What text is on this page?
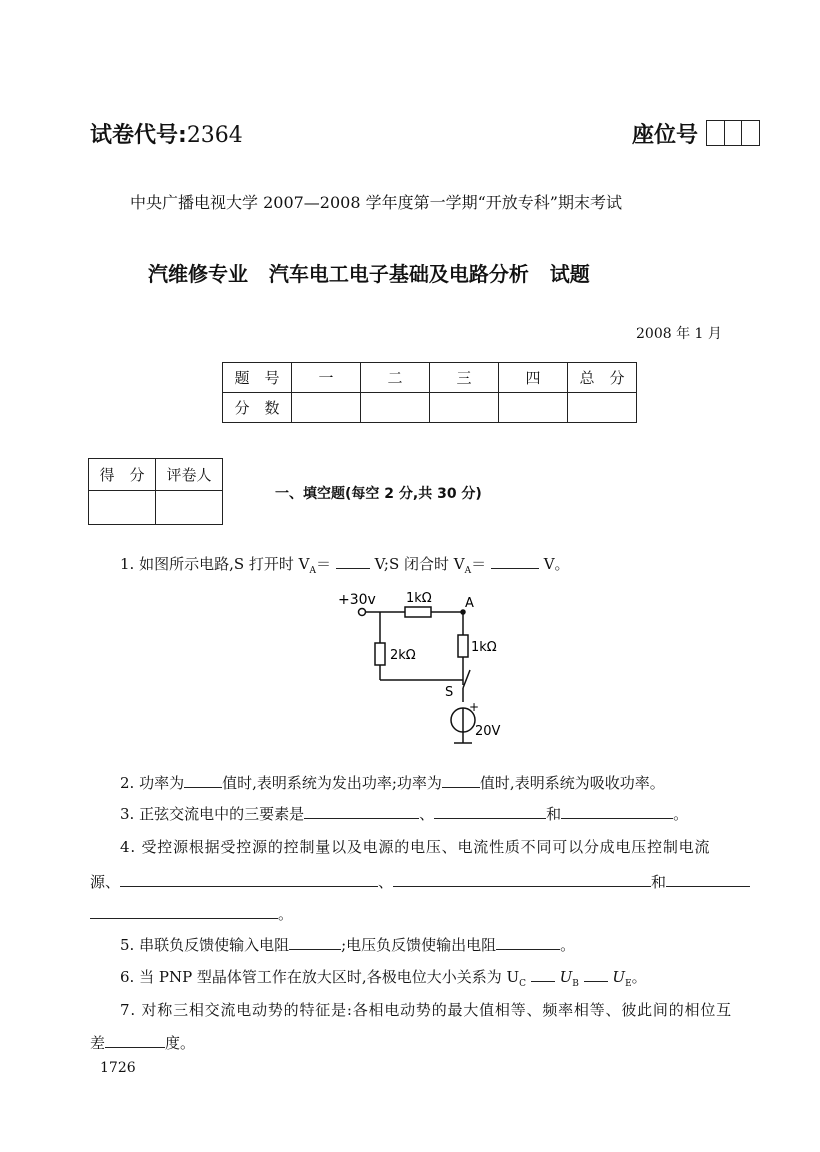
试卷代号:2364	座位号
中央广播电视大学 2007—2008 学年度第一学期“开放专科”期末考试
汽维修专业   汽车电工电子基础及电路分析   试题
2008 年 1 月
题　号	一	二	三	四	总　分
分　数					
得　分	评卷人

一、填空题(每空 2 分,共 30 分)
1. 如图所示电路,S 打开时 $V_A=$	V;S 闭合时 $V_A=$	V。
+30v 1kΩ	A
2kΩ
1kΩ
S
+
20V
2. 功率为	值时,表明系统为发出功率;功率为	值时,表明系统为吸收功率。
3. 正弦交流电中的三要素是	、	和	。
4. 受控源根据受控源的控制量以及电源的电压、电流性质不同可以分成电压控制电流
源、	、	和
。
5. 串联负反馈使输入电阻	;电压负反馈使输出电阻	。
6. 当 PNP 型晶体管工作在放大区时,各极电位大小关系为 $U_C$ $U_B$ $U_E$。
7. 对称三相交流电动势的特征是:各相电动势的最大值相等、频率相等、彼此间的相位互
差	度。
1726
